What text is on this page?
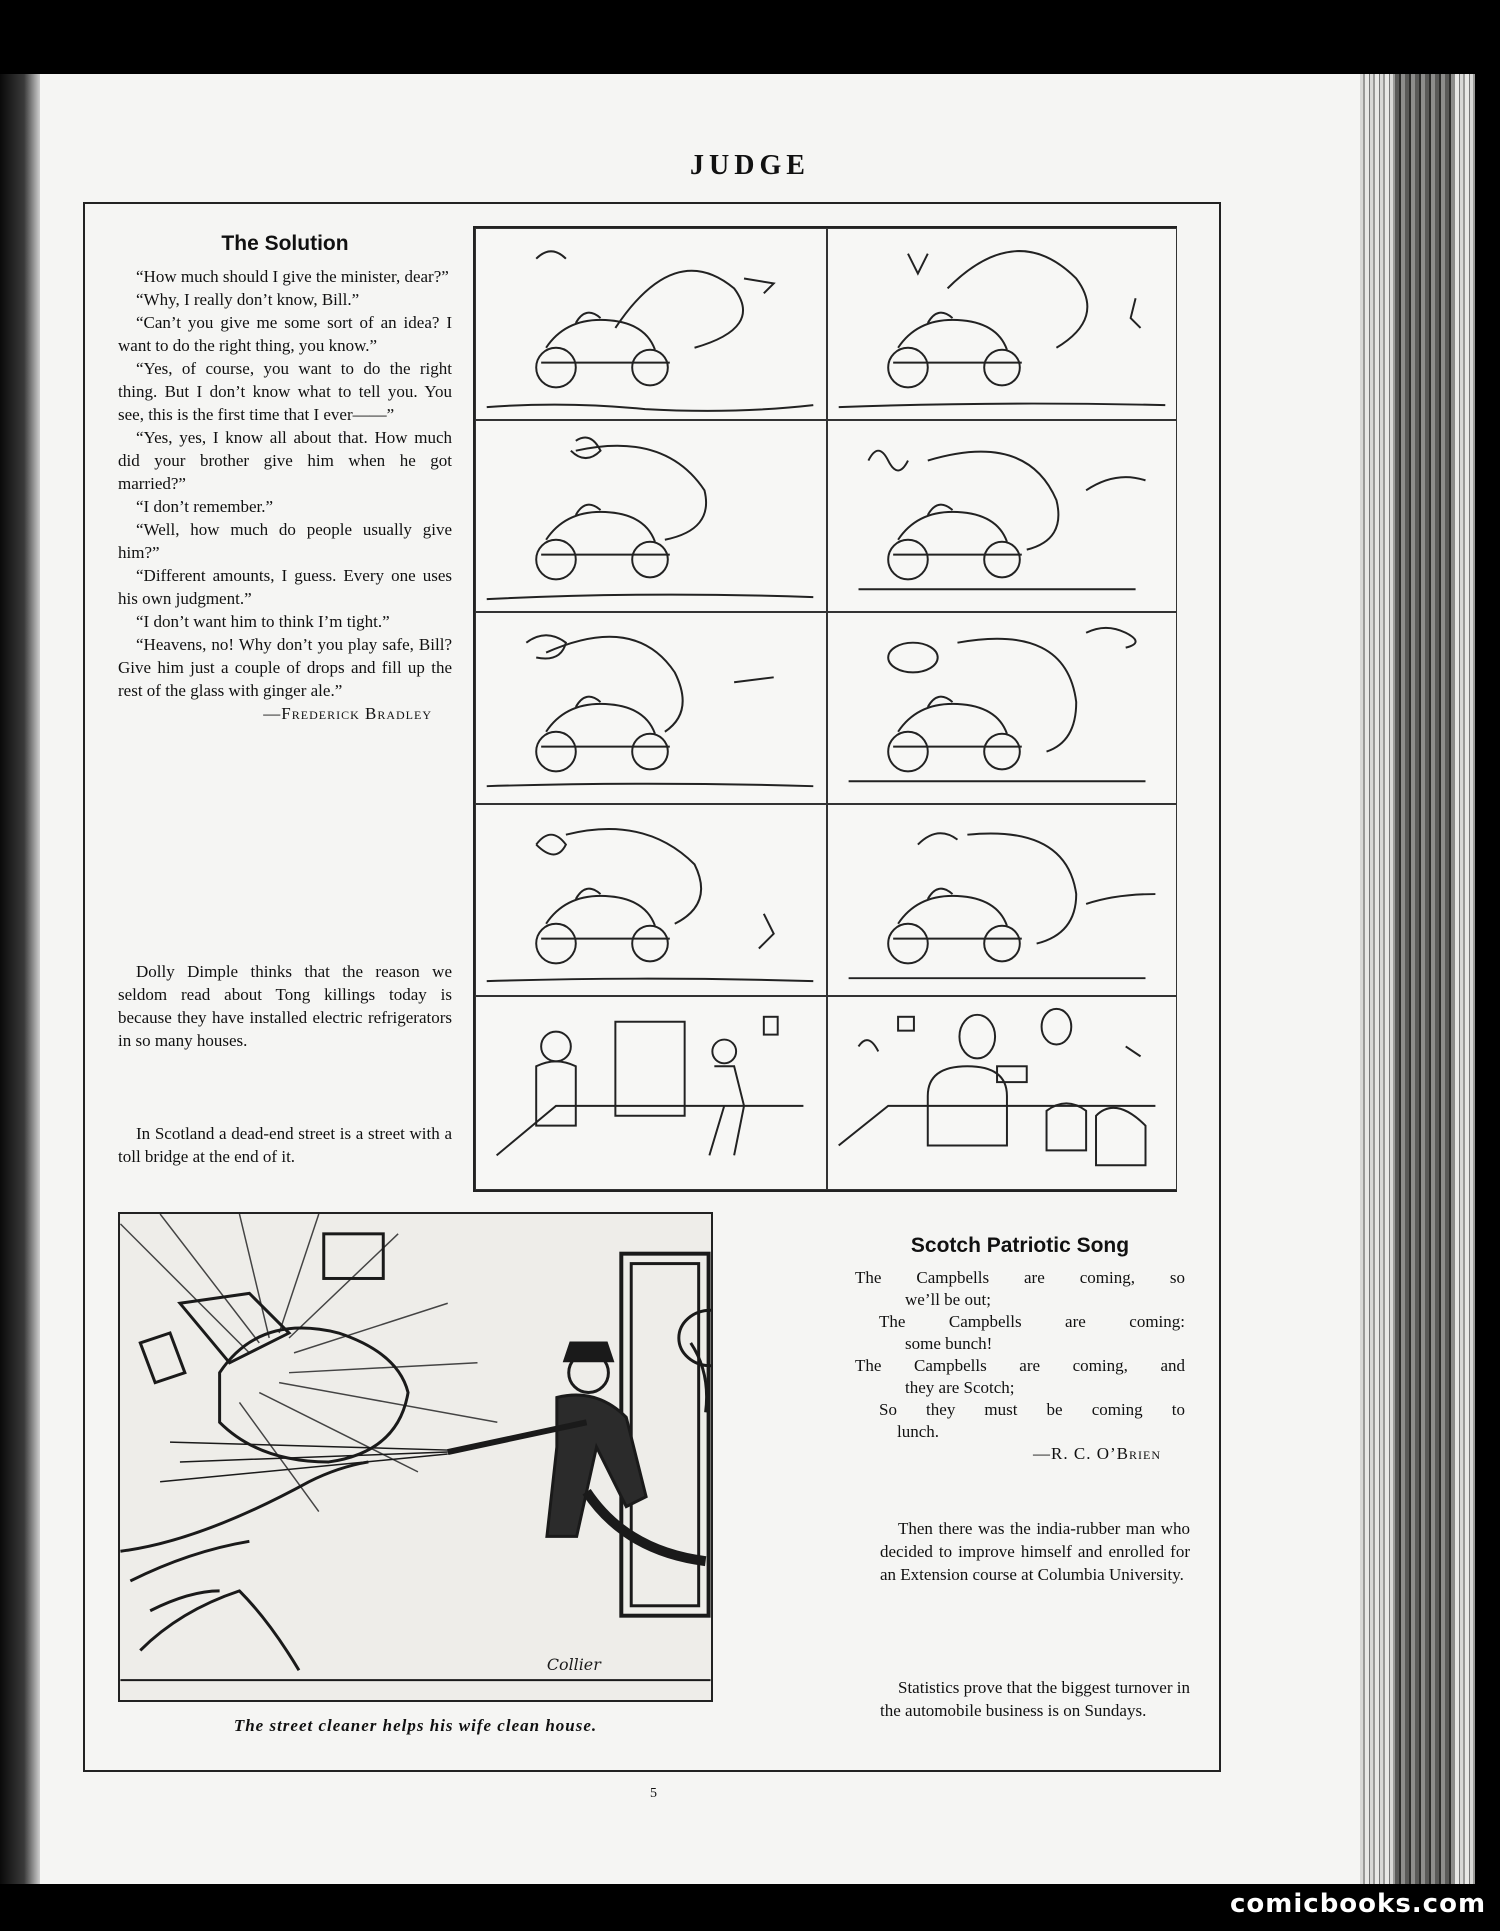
JUDGE
The Solution

“How much should I give the minister, dear?”

“Why, I really don’t know, Bill.”

“Can’t you give me some sort of an idea? I want to do the right thing, you know.”

“Yes, of course, you want to do the right thing. But I don’t know what to tell you. You see, this is the first time that I ever——”

“Yes, yes, I know all about that. How much did your brother give him when he got married?”

“I don’t remember.”

“Well, how much do people usually give him?”

“Different amounts, I guess. Every one uses his own judgment.”

“I don’t want him to think I’m tight.”

“Heavens, no! Why don’t you play safe, Bill? Give him just a couple of drops and fill up the rest of the glass with ginger ale.”

—Frederick Bradley

Dolly Dimple thinks that the reason we seldom read about Tong killings today is because they have installed electric refrigerators in so many houses.

In Scotland a dead-end street is a street with a toll bridge at the end of it.

Collier
The street cleaner helps his wife clean house.
Scotch Patriotic Song
The Campbells are coming, so
we’ll be out;
The Campbells are coming:
some bunch!
The Campbells are coming, and
they are Scotch;
So they must be coming to
lunch.
—R. C. O’Brien

Then there was the india-rubber man who decided to improve himself and enrolled for an Extension course at Columbia University.

Statistics prove that the biggest turnover in the automobile business is on Sundays.

5
comicbooks.com
